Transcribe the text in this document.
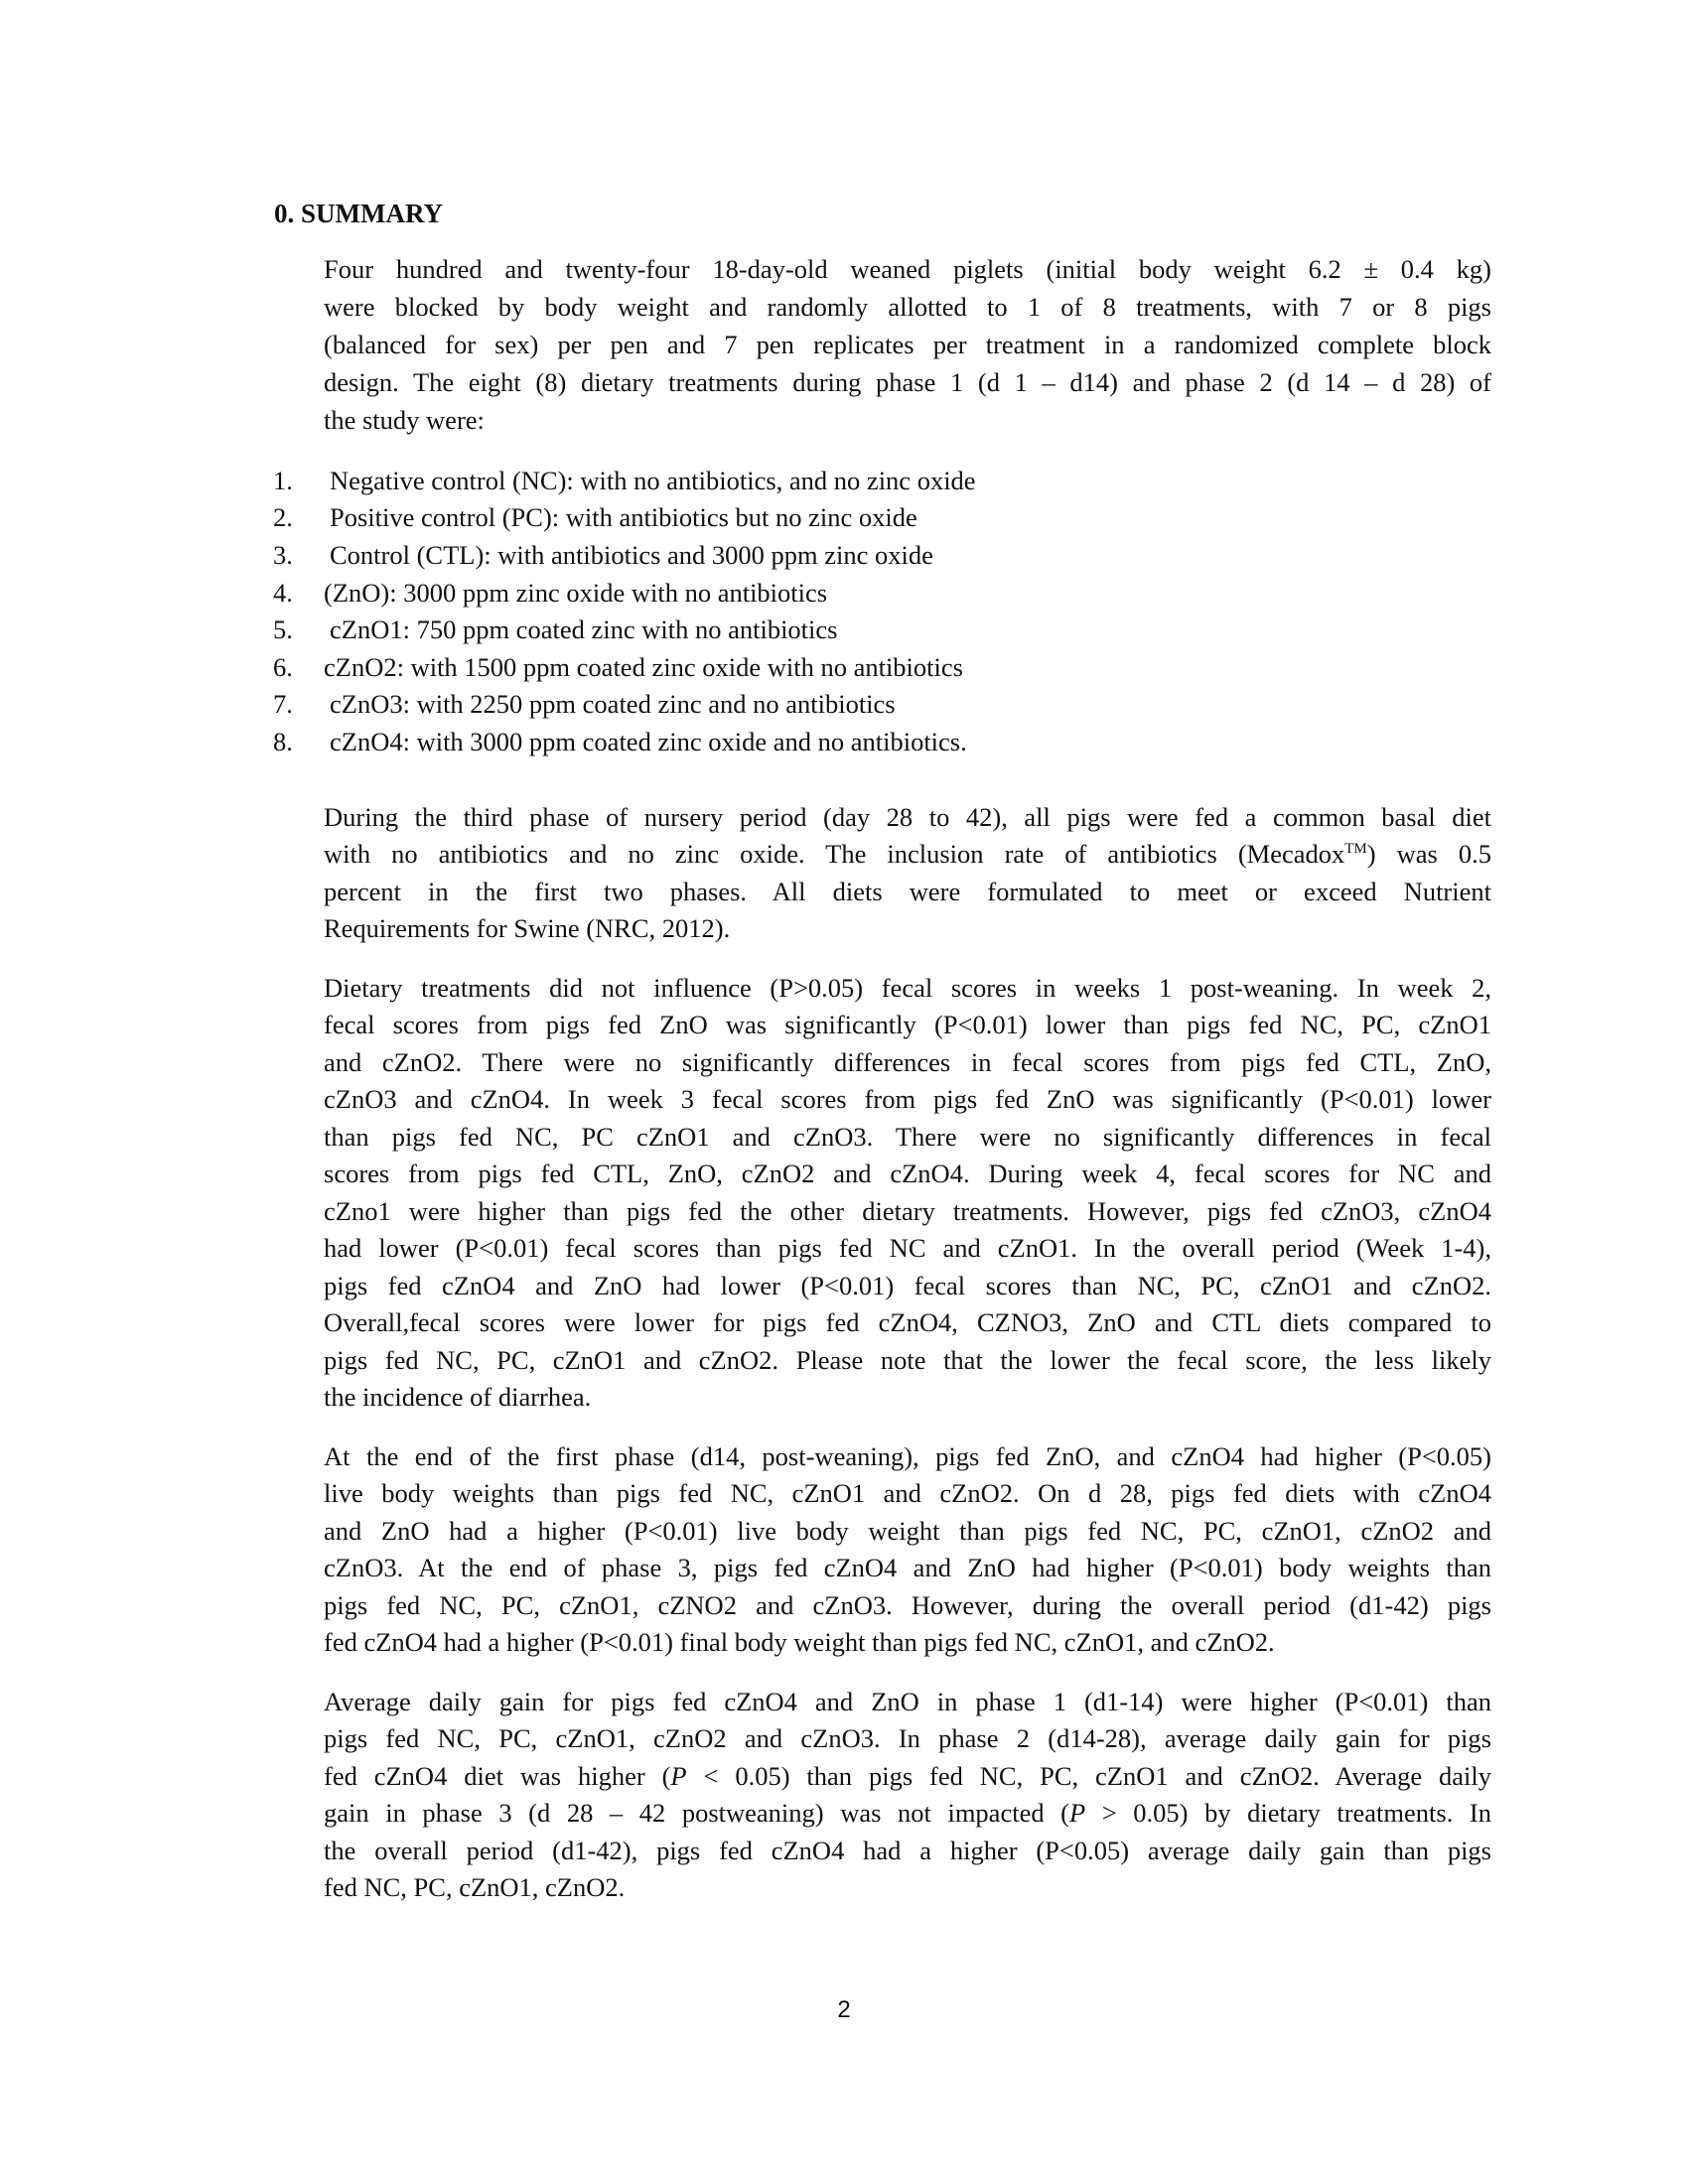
0. SUMMARY
Four hundred and twenty-four 18-day-old weaned piglets (initial body weight 6.2 ± 0.4 kg)
were blocked by body weight and randomly allotted to 1 of 8 treatments, with 7 or 8 pigs
(balanced for sex) per pen and 7 pen replicates per treatment in a randomized complete block
design. The eight (8) dietary treatments during phase 1 (d 1 – d14) and phase 2 (d 14 – d 28) of
the study were:
1. Negative control (NC): with no antibiotics, and no zinc oxide
2. Positive control (PC): with antibiotics but no zinc oxide
3. Control (CTL): with antibiotics and 3000 ppm zinc oxide
4. (ZnO): 3000 ppm zinc oxide with no antibiotics
5. cZnO1: 750 ppm coated zinc with no antibiotics
6. cZnO2: with 1500 ppm coated zinc oxide with no antibiotics
7. cZnO3: with 2250 ppm coated zinc and no antibiotics
8. cZnO4: with 3000 ppm coated zinc oxide and no antibiotics.
During the third phase of nursery period (day 28 to 42), all pigs were fed a common basal diet
with no antibiotics and no zinc oxide. The inclusion rate of antibiotics (Mecadox™) was 0.5
percent in the first two phases. All diets were formulated to meet or exceed Nutrient
Requirements for Swine (NRC, 2012).
Dietary treatments did not influence (P>0.05) fecal scores in weeks 1 post-weaning. In week 2,
fecal scores from pigs fed ZnO was significantly (P<0.01) lower than pigs fed NC, PC, cZnO1
and cZnO2. There were no significantly differences in fecal scores from pigs fed CTL, ZnO,
cZnO3 and cZnO4. In week 3 fecal scores from pigs fed ZnO was significantly (P<0.01) lower
than pigs fed NC, PC cZnO1 and cZnO3. There were no significantly differences in fecal
scores from pigs fed CTL, ZnO, cZnO2 and cZnO4. During week 4, fecal scores for NC and
cZno1 were higher than pigs fed the other dietary treatments. However, pigs fed cZnO3, cZnO4
had lower (P<0.01) fecal scores than pigs fed NC and cZnO1. In the overall period (Week 1-4),
pigs fed cZnO4 and ZnO had lower (P<0.01) fecal scores than NC, PC, cZnO1 and cZnO2.
Overall,fecal scores were lower for pigs fed cZnO4, CZNO3, ZnO and CTL diets compared to
pigs fed NC, PC, cZnO1 and cZnO2. Please note that the lower the fecal score, the less likely
the incidence of diarrhea.
At the end of the first phase (d14, post-weaning), pigs fed ZnO, and cZnO4 had higher (P<0.05)
live body weights than pigs fed NC, cZnO1 and cZnO2. On d 28, pigs fed diets with cZnO4
and ZnO had a higher (P<0.01) live body weight than pigs fed NC, PC, cZnO1, cZnO2 and
cZnO3. At the end of phase 3, pigs fed cZnO4 and ZnO had higher (P<0.01) body weights than
pigs fed NC, PC, cZnO1, cZNO2 and cZnO3. However, during the overall period (d1-42) pigs
fed cZnO4 had a higher (P<0.01) final body weight than pigs fed NC, cZnO1, and cZnO2.
Average daily gain for pigs fed cZnO4 and ZnO in phase 1 (d1-14) were higher (P<0.01) than
pigs fed NC, PC, cZnO1, cZnO2 and cZnO3. In phase 2 (d14-28), average daily gain for pigs
fed cZnO4 diet was higher (P < 0.05) than pigs fed NC, PC, cZnO1 and cZnO2. Average daily
gain in phase 3 (d 28 – 42 postweaning) was not impacted (P > 0.05) by dietary treatments. In
the overall period (d1-42), pigs fed cZnO4 had a higher (P<0.05) average daily gain than pigs
fed NC, PC, cZnO1, cZnO2.
2
